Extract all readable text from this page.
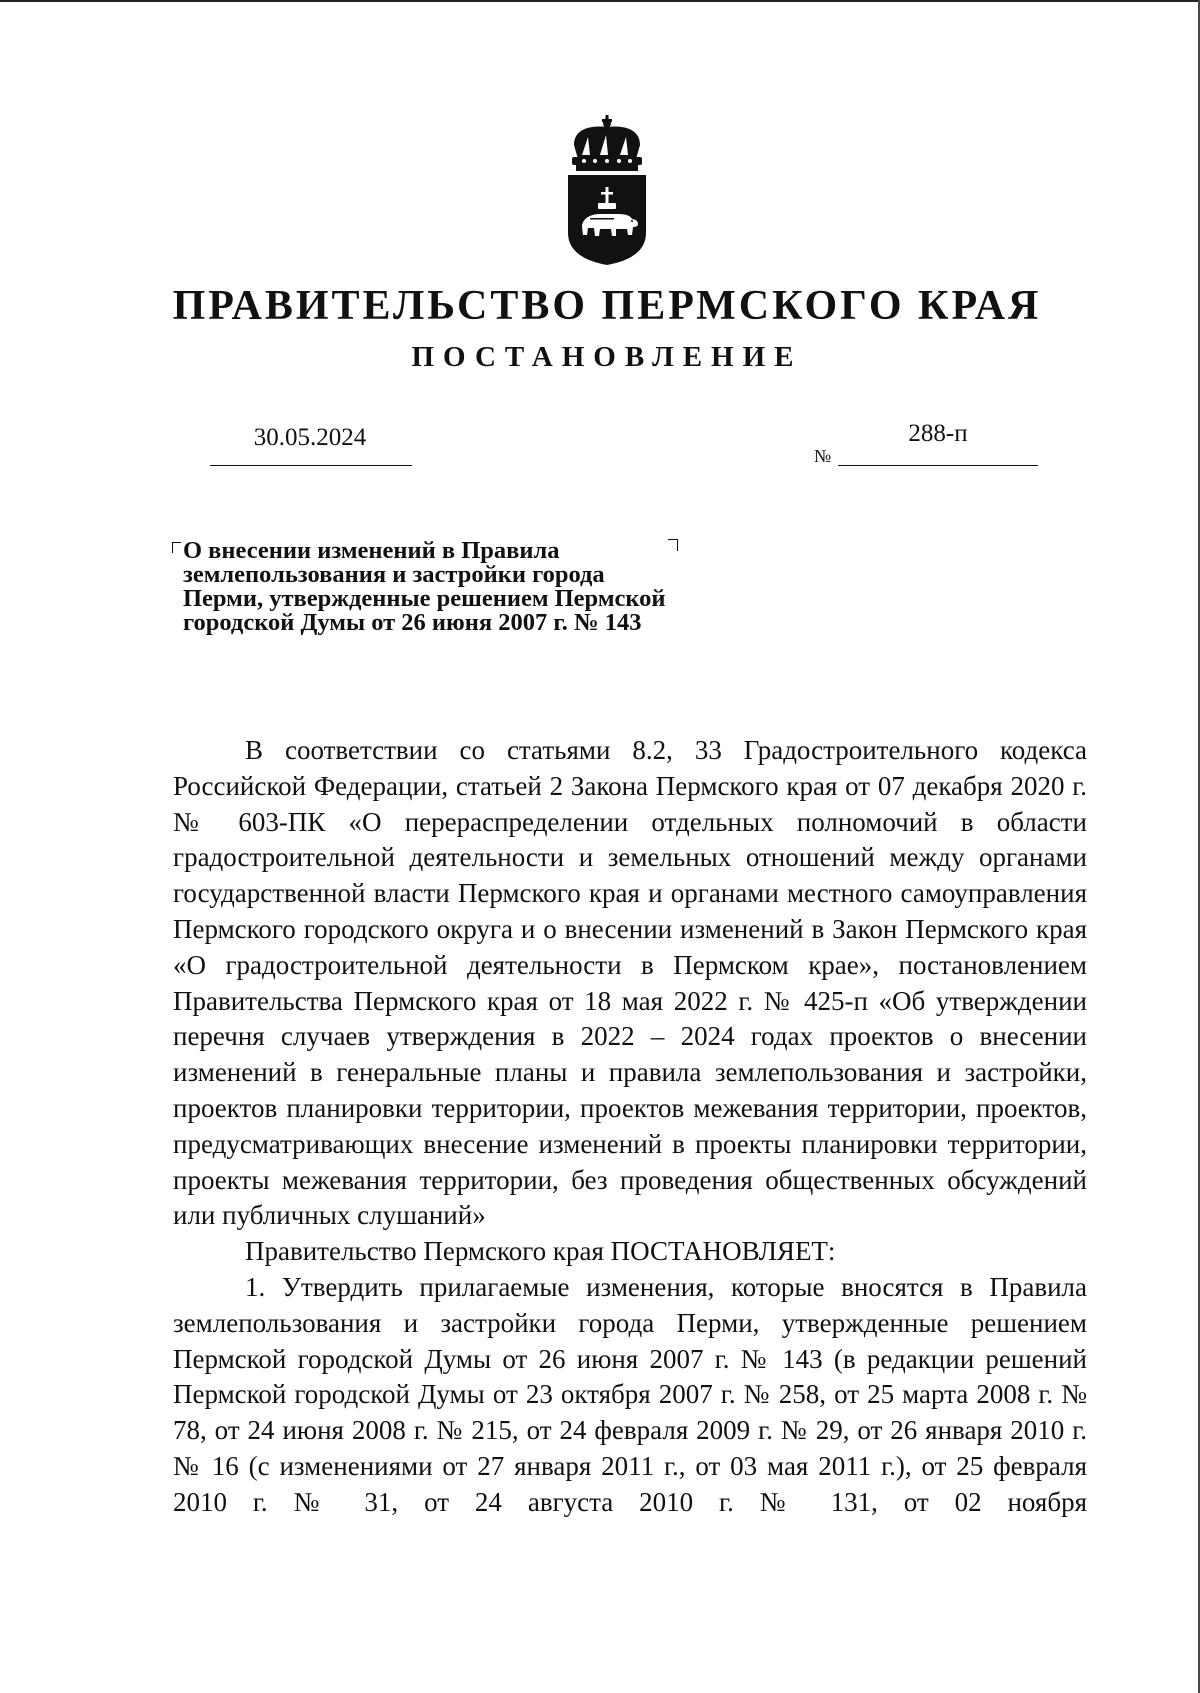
ПРАВИТЕЛЬСТВО ПЕРМСКОГО КРАЯ
ПОСТАНОВЛЕНИЕ
30.05.2024
№
288-п

О внесении изменений в Правила
землепользования и застройки города
Перми, утвержденные решением Пермской
городской Думы от 26 июня 2007 г. № 143

В соответствии со статьями 8.2, 33 Градостроительного кодекса Российской Федерации, статьей 2 Закона Пермского края от 07 декабря 2020 г. № 603-ПК «О перераспределении отдельных полномочий в области градостроительной деятельности и земельных отношений между органами государственной власти Пермского края и органами местного самоуправления Пермского городского округа и о внесении изменений в Закон Пермского края «О градостроительной деятельности в Пермском крае», постановлением Правительства Пермского края от 18 мая 2022 г. № 425-п «Об утверждении перечня случаев утверждения в 2022 – 2024 годах проектов о внесении изменений в генеральные планы и правила землепользования и застройки, проектов планировки территории, проектов межевания территории, проектов, предусматривающих внесение изменений в проекты планировки территории, проекты межевания территории, без проведения общественных обсуждений или публичных слушаний»

Правительство Пермского края ПОСТАНОВЛЯЕТ:

1. Утвердить прилагаемые изменения, которые вносятся в Правила землепользования и застройки города Перми, утвержденные решением Пермской городской Думы от 26 июня 2007 г. № 143 (в редакции решений Пермской городской Думы от 23 октября 2007 г. № 258, от 25 марта 2008 г. № 78, от 24 июня 2008 г. № 215, от 24 февраля 2009 г. № 29, от 26 января 2010 г. № 16 (с изменениями от 27 января 2011 г., от 03 мая 2011 г.), от 25 февраля 2010 г. № 31, от 24 августа 2010 г. № 131, от 02 ноября
